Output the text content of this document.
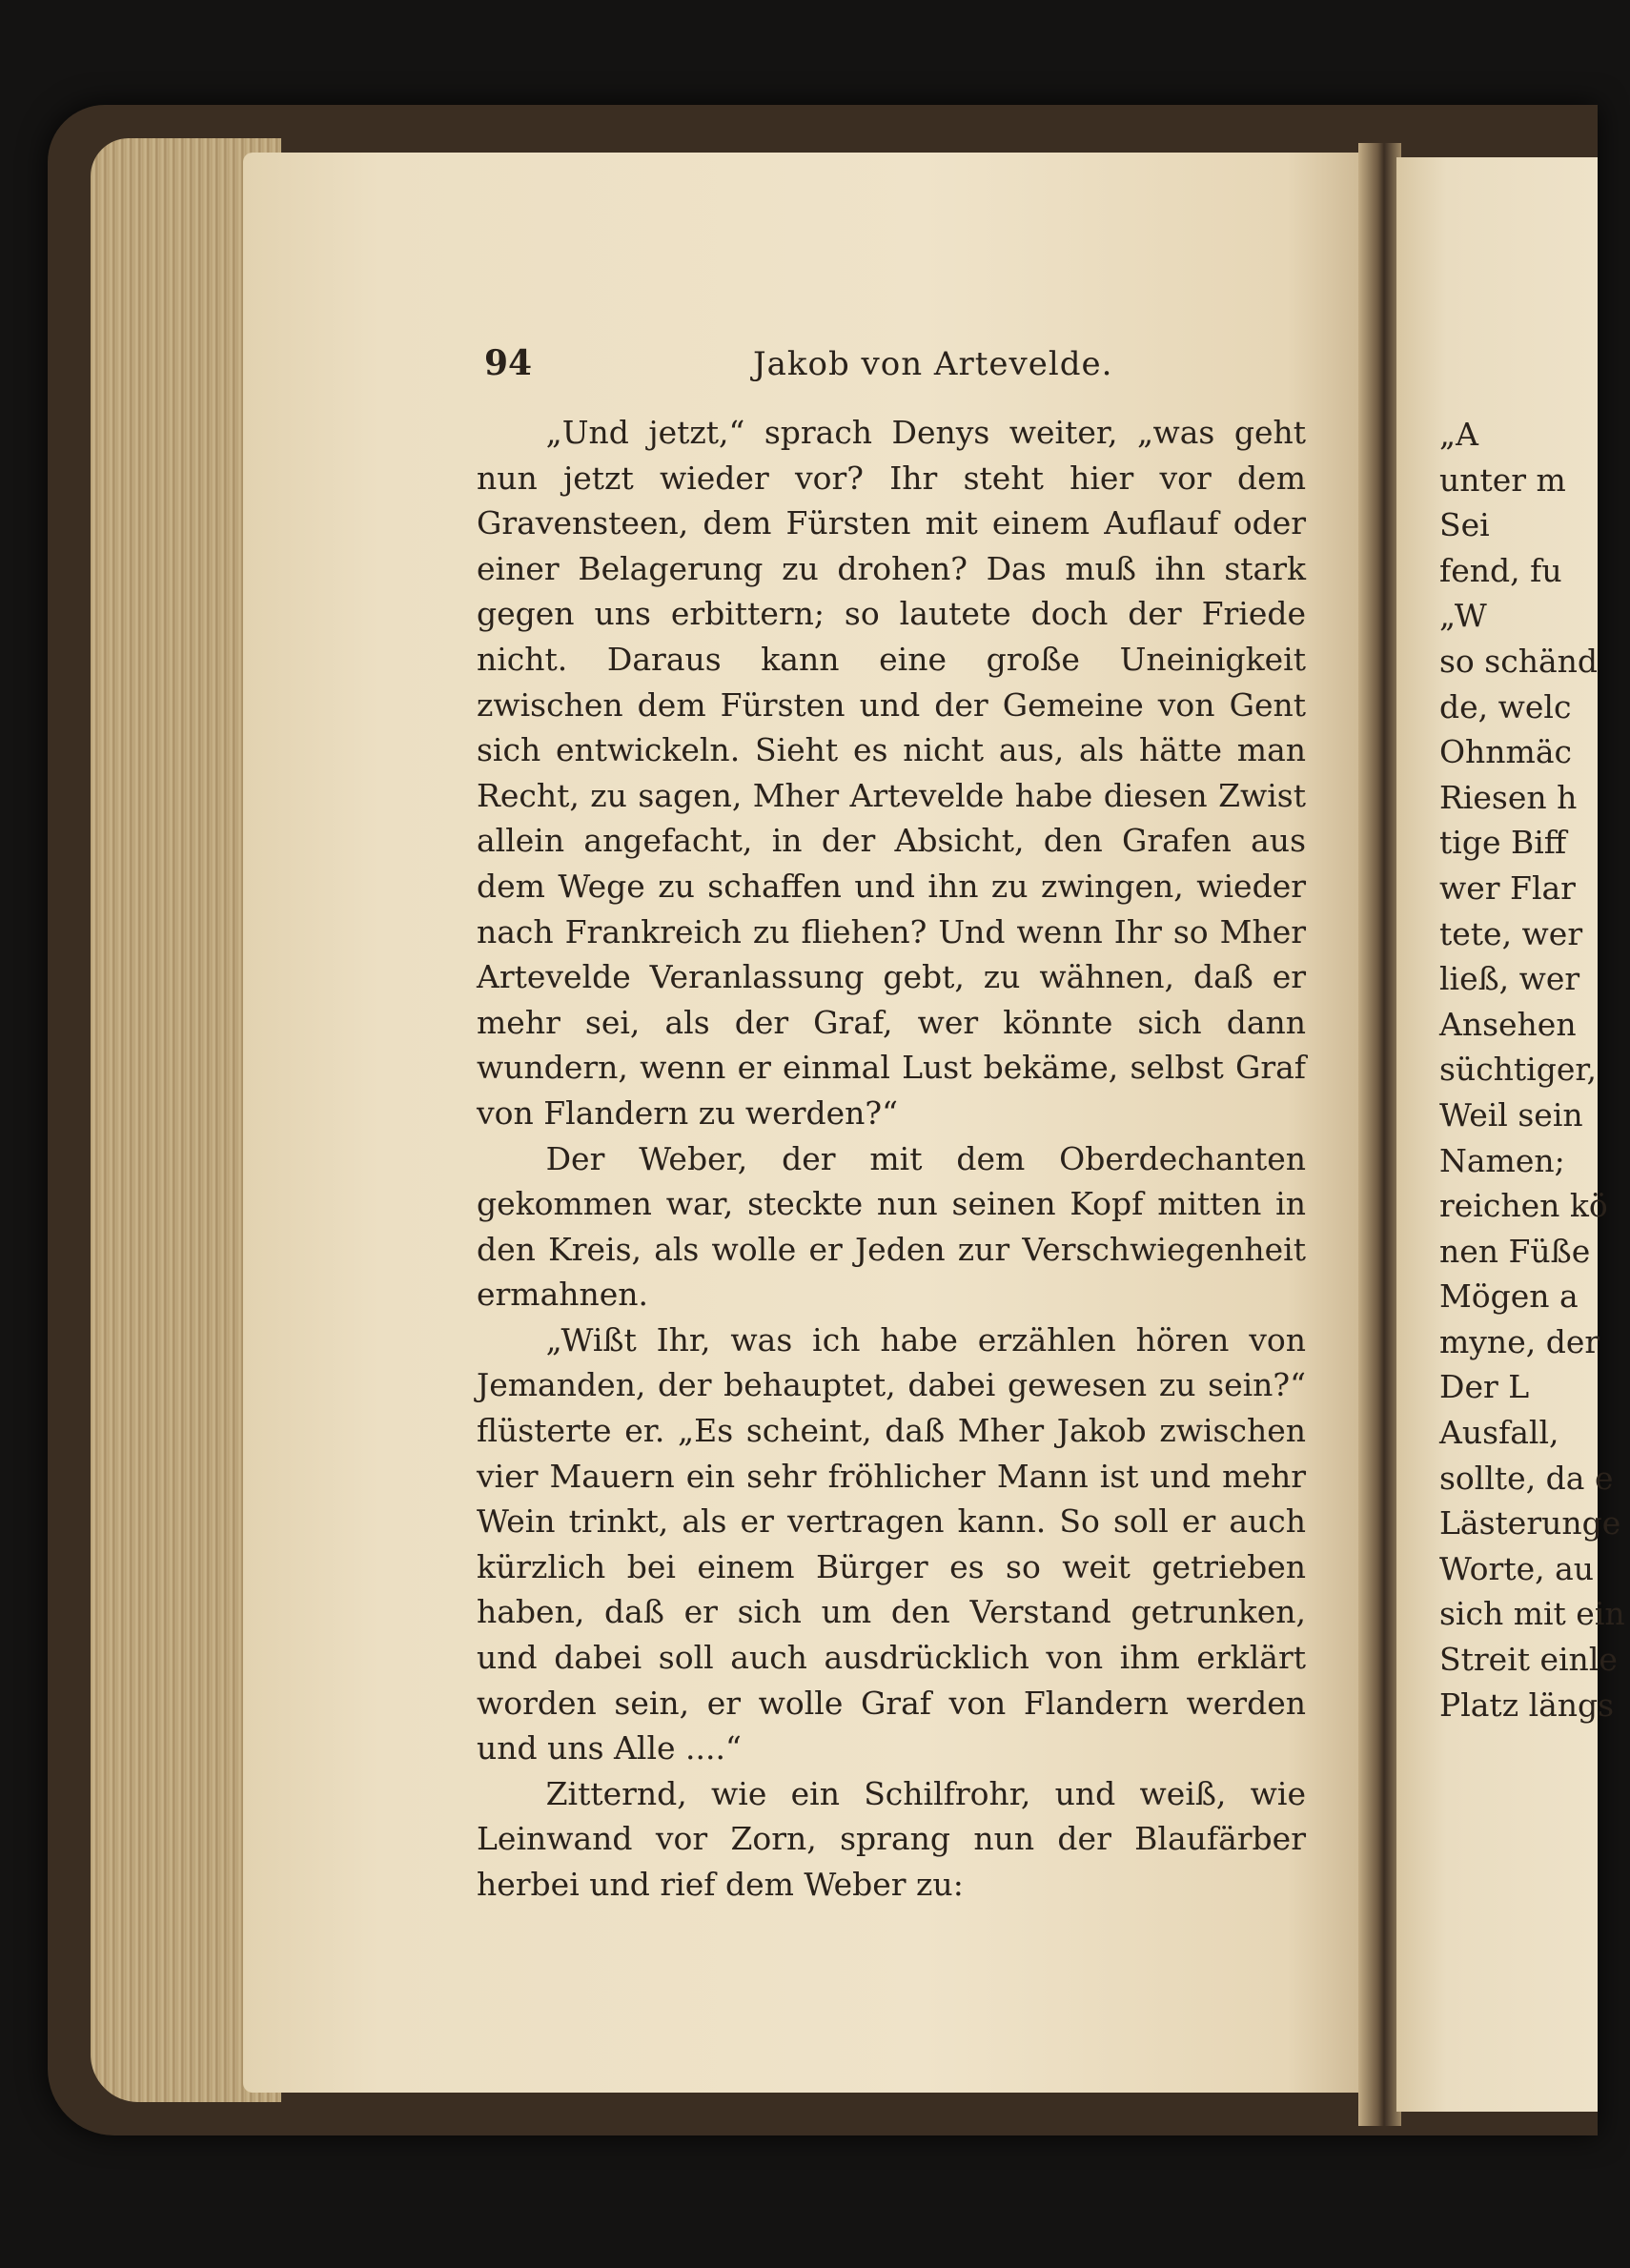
94	Jakob von Artevelde.

„Und jetzt,“ sprach Denys weiter, „was geht nun jetzt wieder vor? Ihr steht hier vor dem Gravensteen, dem Fürsten mit einem Auflauf oder einer Belagerung zu drohen? Das muß ihn stark gegen uns erbittern; so lautete doch der Friede nicht. Daraus kann eine große Uneinigkeit zwischen dem Fürsten und der Gemeine von Gent sich entwickeln. Sieht es nicht aus, als hätte man Recht, zu sagen, Mher Artevelde habe diesen Zwist allein angefacht, in der Absicht, den Grafen aus dem Wege zu schaffen und ihn zu zwingen, wieder nach Frankreich zu fliehen? Und wenn Ihr so Mher Artevelde Veranlassung gebt, zu wähnen, daß er mehr sei, als der Graf, wer könnte sich dann wundern, wenn er einmal Lust bekäme, selbst Graf von Flandern zu werden?“

Der Weber, der mit dem Oberdechanten gekommen war, steckte nun seinen Kopf mitten in den Kreis, als wolle er Jeden zur Verschwiegenheit ermahnen.

„Wißt Ihr, was ich habe erzählen hören von Jemanden, der behauptet, dabei gewesen zu sein?“ flüsterte er. „Es scheint, daß Mher Jakob zwischen vier Mauern ein sehr fröhlicher Mann ist und mehr Wein trinkt, als er vertragen kann. So soll er auch kürzlich bei einem Bürger es so weit getrieben haben, daß er sich um den Verstand getrunken, und dabei soll auch ausdrücklich von ihm erklärt worden sein, er wolle Graf von Flandern werden und uns Alle ....“

Zitternd, wie ein Schilfrohr, und weiß, wie Leinwand vor Zorn, sprang nun der Blaufärber herbei und rief dem Weber zu:

„A
unter m
Sei
fend, fu
„W
so schänd
de, welc
Ohnmäc
Riesen h
tige Biff
wer Flar
tete, wer
ließ, wer
Ansehen
süchtiger,
Weil sein
Namen;
reichen kö
nen Füße
Mögen a
myne, der
Der L
Ausfall,
sollte, da e
Lästerunge
Worte, au
sich mit ein
Streit einle
Platz längs
